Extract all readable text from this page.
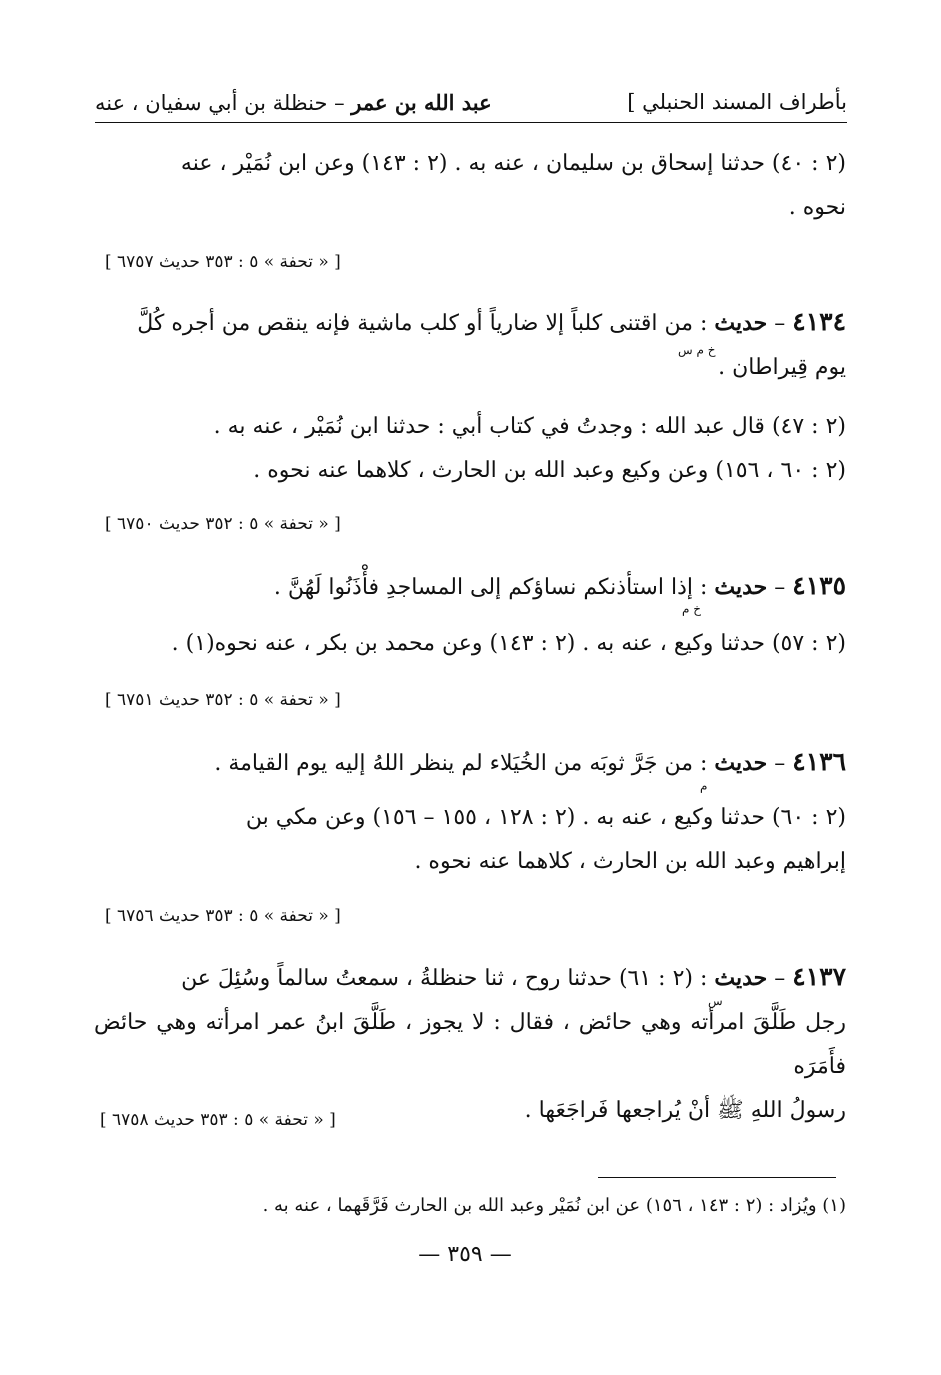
بأطراف المسند الحنبلي ]
عبد الله بن عمر – حنظلة بن أبي سفيان ، عنه
(٢ : ٤٠) حدثنا إسحاق بن سليمان ، عنه به . (٢ : ١٤٣) وعن ابن نُمَيْر ، عنه
نحوه .
[ « تحفة » ٥ : ٣٥٣ حديث ٦٧٥٧ ]
٤١٣٤ – حديث : من اقتنى كلباً إلا ضارياً أو كلب ماشية فإنه ينقص من أجره كُلَّ
يوم قِيراطان .
خ م س
(٢ : ٤٧) قال عبد الله : وجدتُ في كتاب أبي : حدثنا ابن نُمَيْر ، عنه به .
(٢ : ٦٠ ، ١٥٦) وعن وكيع وعبد الله بن الحارث ، كلاهما عنه نحوه .
[ « تحفة » ٥ : ٣٥٢ حديث ٦٧٥٠ ]
٤١٣٥ – حديث : إذا استأذنكم نساؤكم إلى المساجدِ فأْذَنُوا لَهُنَّ .
خ م
(٢ : ٥٧) حدثنا وكيع ، عنه به . (٢ : ١٤٣) وعن محمد بن بكر ، عنه نحوه(١) .
[ « تحفة » ٥ : ٣٥٢ حديث ٦٧٥١ ]
٤١٣٦ – حديث : من جَرَّ ثوبَه من الخُيَلاء لم ينظر اللهُ إليه يوم القيامة .
م
(٢ : ٦٠) حدثنا وكيع ، عنه به . (٢ : ١٢٨ ، ١٥٥ – ١٥٦) وعن مكي بن
إبراهيم وعبد الله بن الحارث ، كلاهما عنه نحوه .
[ « تحفة » ٥ : ٣٥٣ حديث ٦٧٥٦ ]
٤١٣٧ – حديث : (٢ : ٦١) حدثنا روح ، ثنا حنظلةُ ، سمعتُ سالماً وسُئِلَ عن
رجل طَلَّقَ امرأته وهي حائض ، فقال : لا يجوز ، طَلَّقَ ابنُ عمر امرأته وهي حائض فأَمَرَه
رسولُ اللهِ ﷺ أنْ يُراجعها فَراجَعَها .
س
[ « تحفة » ٥ : ٣٥٣ حديث ٦٧٥٨ ]
(١) ويُزاد : (٢ : ١٤٣ ، ١٥٦) عن ابن نُمَيْر وعبد الله بن الحارث فَرَّقَهما ، عنه به .
— ٣٥٩ —
